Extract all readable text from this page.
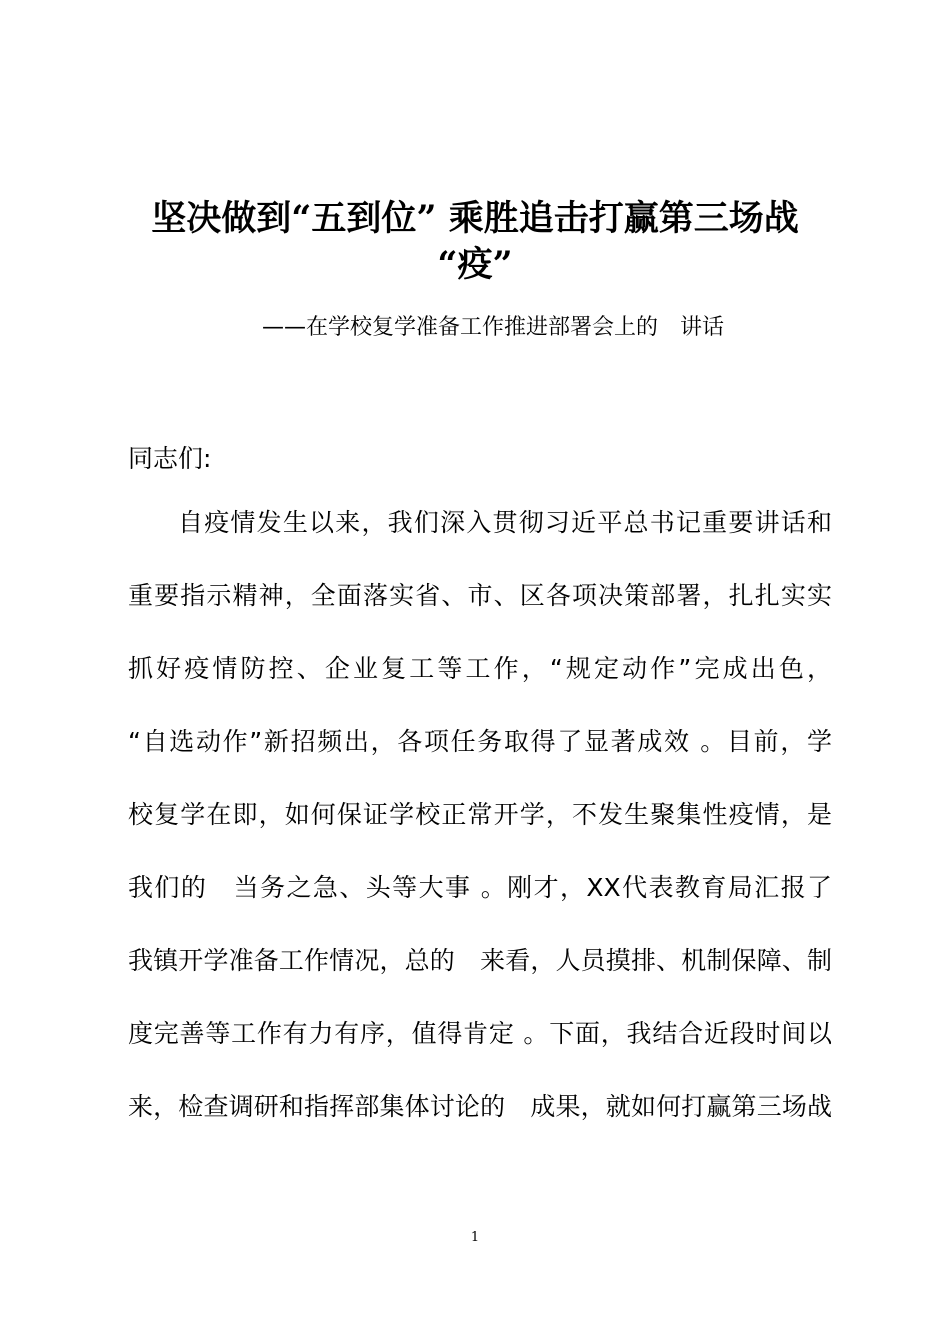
坚决做到“五到位” 乘胜追击打赢第三场战
“疫”

——在学校复学准备工作推进部署会上的　讲话

同志们:

自疫情发生以来，我们深入贯彻习近平总书记重要讲话和

重要指示精神，全面落实省、市、区各项决策部署，扎扎实实

抓好疫情防控、企业复工等工作，“规定动作”完成出色，

“自选动作”新招频出，各项任务取得了显著成效 。目前，学

校复学在即，如何保证学校正常开学，不发生聚集性疫情，是

我们的　当务之急、头等大事 。刚才，XX代表教育局汇报了

我镇开学准备工作情况，总的　来看，人员摸排、机制保障、制

度完善等工作有力有序，值得肯定 。下面，我结合近段时间以

来，检查调研和指挥部集体讨论的　成果，就如何打赢第三场战

1
